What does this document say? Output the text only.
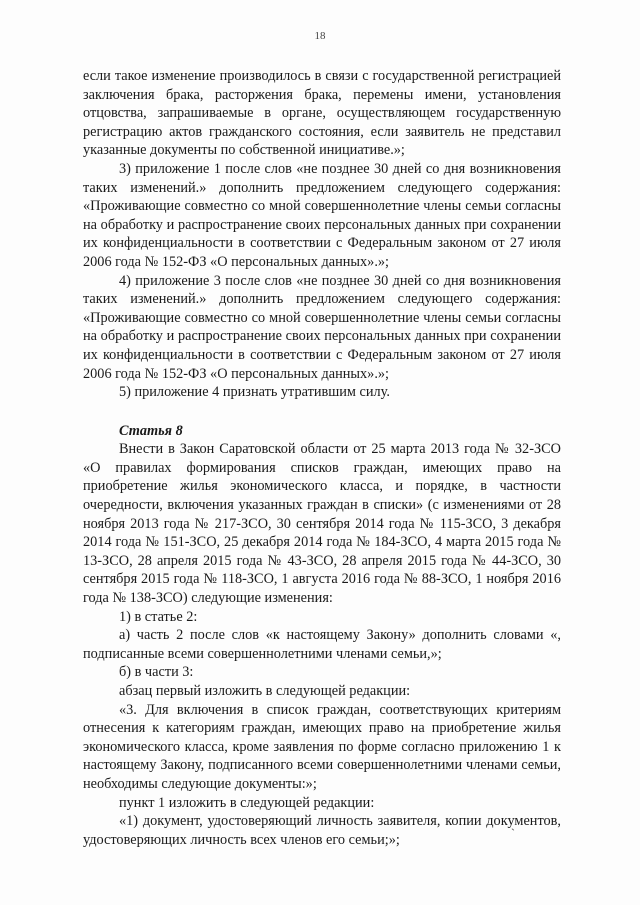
18

если такое изменение производилось в связи с государственной регистрацией заключения брака, расторжения брака, перемены имени, установления отцовства, запрашиваемые в органе, осуществляющем государственную регистрацию актов гражданского состояния, если заявитель не представил указанные документы по собственной инициативе.»;

3) приложение 1 после слов «не позднее 30 дней со дня возникновения таких изменений.» дополнить предложением следующего содержания: «Проживающие совместно со мной совершеннолетние члены семьи согласны на обработку и распространение своих персональных данных при сохранении их конфиденциальности в соответствии с Федеральным законом от 27 июля 2006 года № 152-ФЗ «О персональных данных».»;

4) приложение 3 после слов «не позднее 30 дней со дня возникновения таких изменений.» дополнить предложением следующего содержания: «Проживающие совместно со мной совершеннолетние члены семьи согласны на обработку и распространение своих персональных данных при сохранении их конфиденциальности в соответствии с Федеральным законом от 27 июля 2006 года № 152-ФЗ «О персональных данных».»;

5) приложение 4 признать утратившим силу.

Статья 8

Внести в Закон Саратовской области от 25 марта 2013 года № 32-ЗСО «О правилах формирования списков граждан, имеющих право на приобретение жилья экономического класса, и порядке, в частности очередности, включения указанных граждан в списки» (с изменениями от 28 ноября 2013 года № 217-ЗСО, 30 сентября 2014 года № 115-ЗСО, 3 декабря 2014 года № 151-ЗСО, 25 декабря 2014 года № 184-ЗСО, 4 марта 2015 года № 13-ЗСО, 28 апреля 2015 года № 43-ЗСО, 28 апреля 2015 года № 44-ЗСО, 30 сентября 2015 года № 118-ЗСО, 1 августа 2016 года № 88-ЗСО, 1 ноября 2016 года № 138-ЗСО) следующие изменения:

1) в статье 2:

а) часть 2 после слов «к настоящему Закону» дополнить словами «, подписанные всеми совершеннолетними членами семьи,»;

б) в части 3:

абзац первый изложить в следующей редакции:

«3. Для включения в список граждан, соответствующих критериям отнесения к категориям граждан, имеющих право на приобретение жилья экономического класса, кроме заявления по форме согласно приложению 1 к настоящему Закону, подписанного всеми совершеннолетними членами семьи, необходимы следующие документы:»;

пункт 1 изложить в следующей редакции:

«1) документ, удостоверяющий личность заявителя, копии документов, удостоверяющих личность всех членов его семьи;»;	`
